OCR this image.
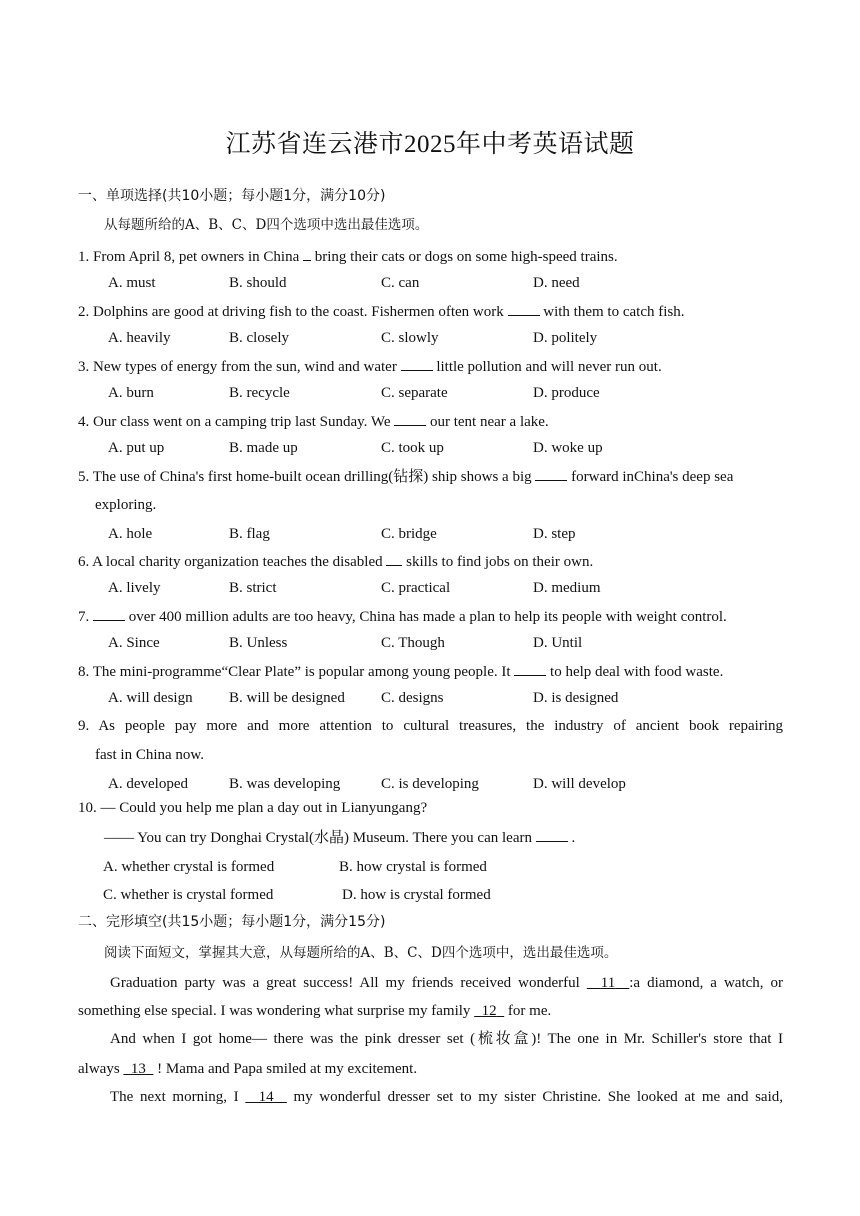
江苏省连云港市2025年中考英语试题
一、单项选择(共10小题；每小题1分，满分10分)
从每题所给的A、B、C、D四个选项中选出最佳选项。
1. From April 8, pet owners in China  bring their cats or dogs on some high-speed trains.
A. must	B. should	C. can	D. need
2. Dolphins are good at driving fish to the coast. Fishermen often work  with them to catch fish.
A. heavily	B. closely	C. slowly	D. politely
3. New types of energy from the sun, wind and water  little pollution and will never run out.
A. burn	B. recycle	C. separate	D. produce
4. Our class went on a camping trip last Sunday. We  our tent near a lake.
A. put up	B. made up	C. took up	D. woke up
5. The use of China's first home-built ocean drilling(钻探) ship shows a big  forward inChina's deep sea
exploring.
A. hole	B. flag	C. bridge	D. step
6. A local charity organization teaches the disabled  skills to find jobs on their own.
A. lively	B. strict	C. practical	D. medium
7.  over 400 million adults are too heavy, China has made a plan to help its people with weight control.
A. Since	B. Unless	C. Though	D. Until
8. The mini-programme“Clear Plate” is popular among young people. It  to help deal with food waste.
A. will design B. will be designed C. designs	D. is designed
9. As people pay more and more attention to cultural treasures, the industry of ancient book repairing
fast in China now.
A. developed	B. was developing	C. is developing	D. will develop
10. — Could you help me plan a day out in Lianyungang?
—— You can try Donghai Crystal(水晶) Museum. There you can learn  .
A. whether crystal is formed	B. how crystal is formed
C. whether is crystal formed	D. how is crystal formed
二、完形填空(共15小题；每小题1分，满分15分)
阅读下面短文，掌握其大意，从每题所给的A、B、C、D四个选项中，选出最佳选项。
Graduation party was a great success! All my friends received wonderful   11 :a diamond, a watch, or
something else special. I was wondering what surprise my family   12   for me.
And when I got home— there was the pink dresser set (梳妆盒)! The one in Mr. Schiller's store that I
always   13   ! Mama and Papa smiled at my excitement.
The next morning, I   14   my wonderful dresser set to my sister Christine. She looked at me and said,
